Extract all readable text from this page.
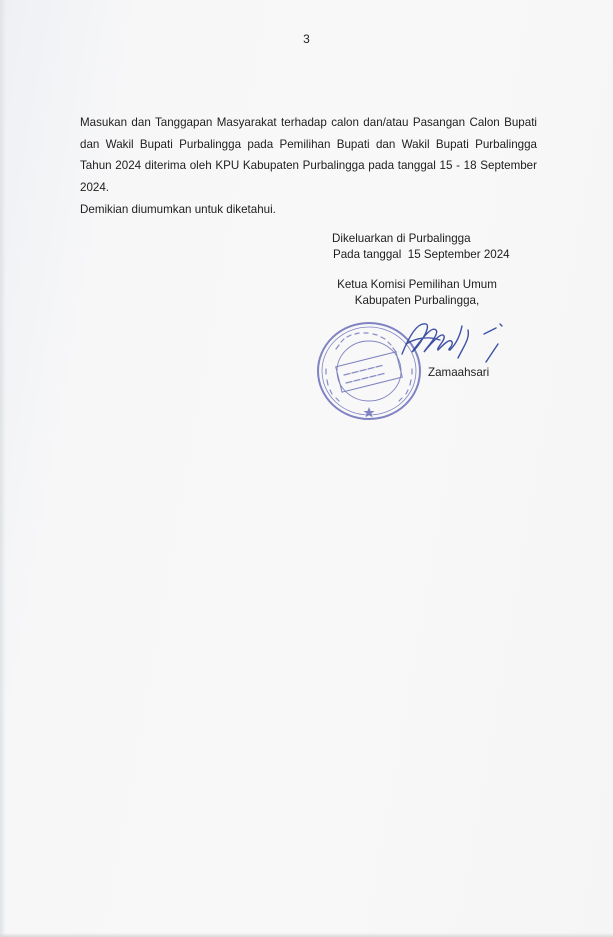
3
Masukan dan Tanggapan Masyarakat terhadap calon dan/atau Pasangan Calon Bupati dan Wakil Bupati Purbalingga pada Pemilihan Bupati dan Wakil Bupati Purbalingga Tahun 2024 diterima oleh KPU Kabupaten Purbalingga pada tanggal 15 - 18 September 2024.
Demikian diumumkan untuk diketahui.
Dikeluarkan di Purbalingga
Pada tanggal  15 September 2024
Ketua Komisi Pemilihan Umum
Kabupaten Purbalingga,
Zamaahsari
